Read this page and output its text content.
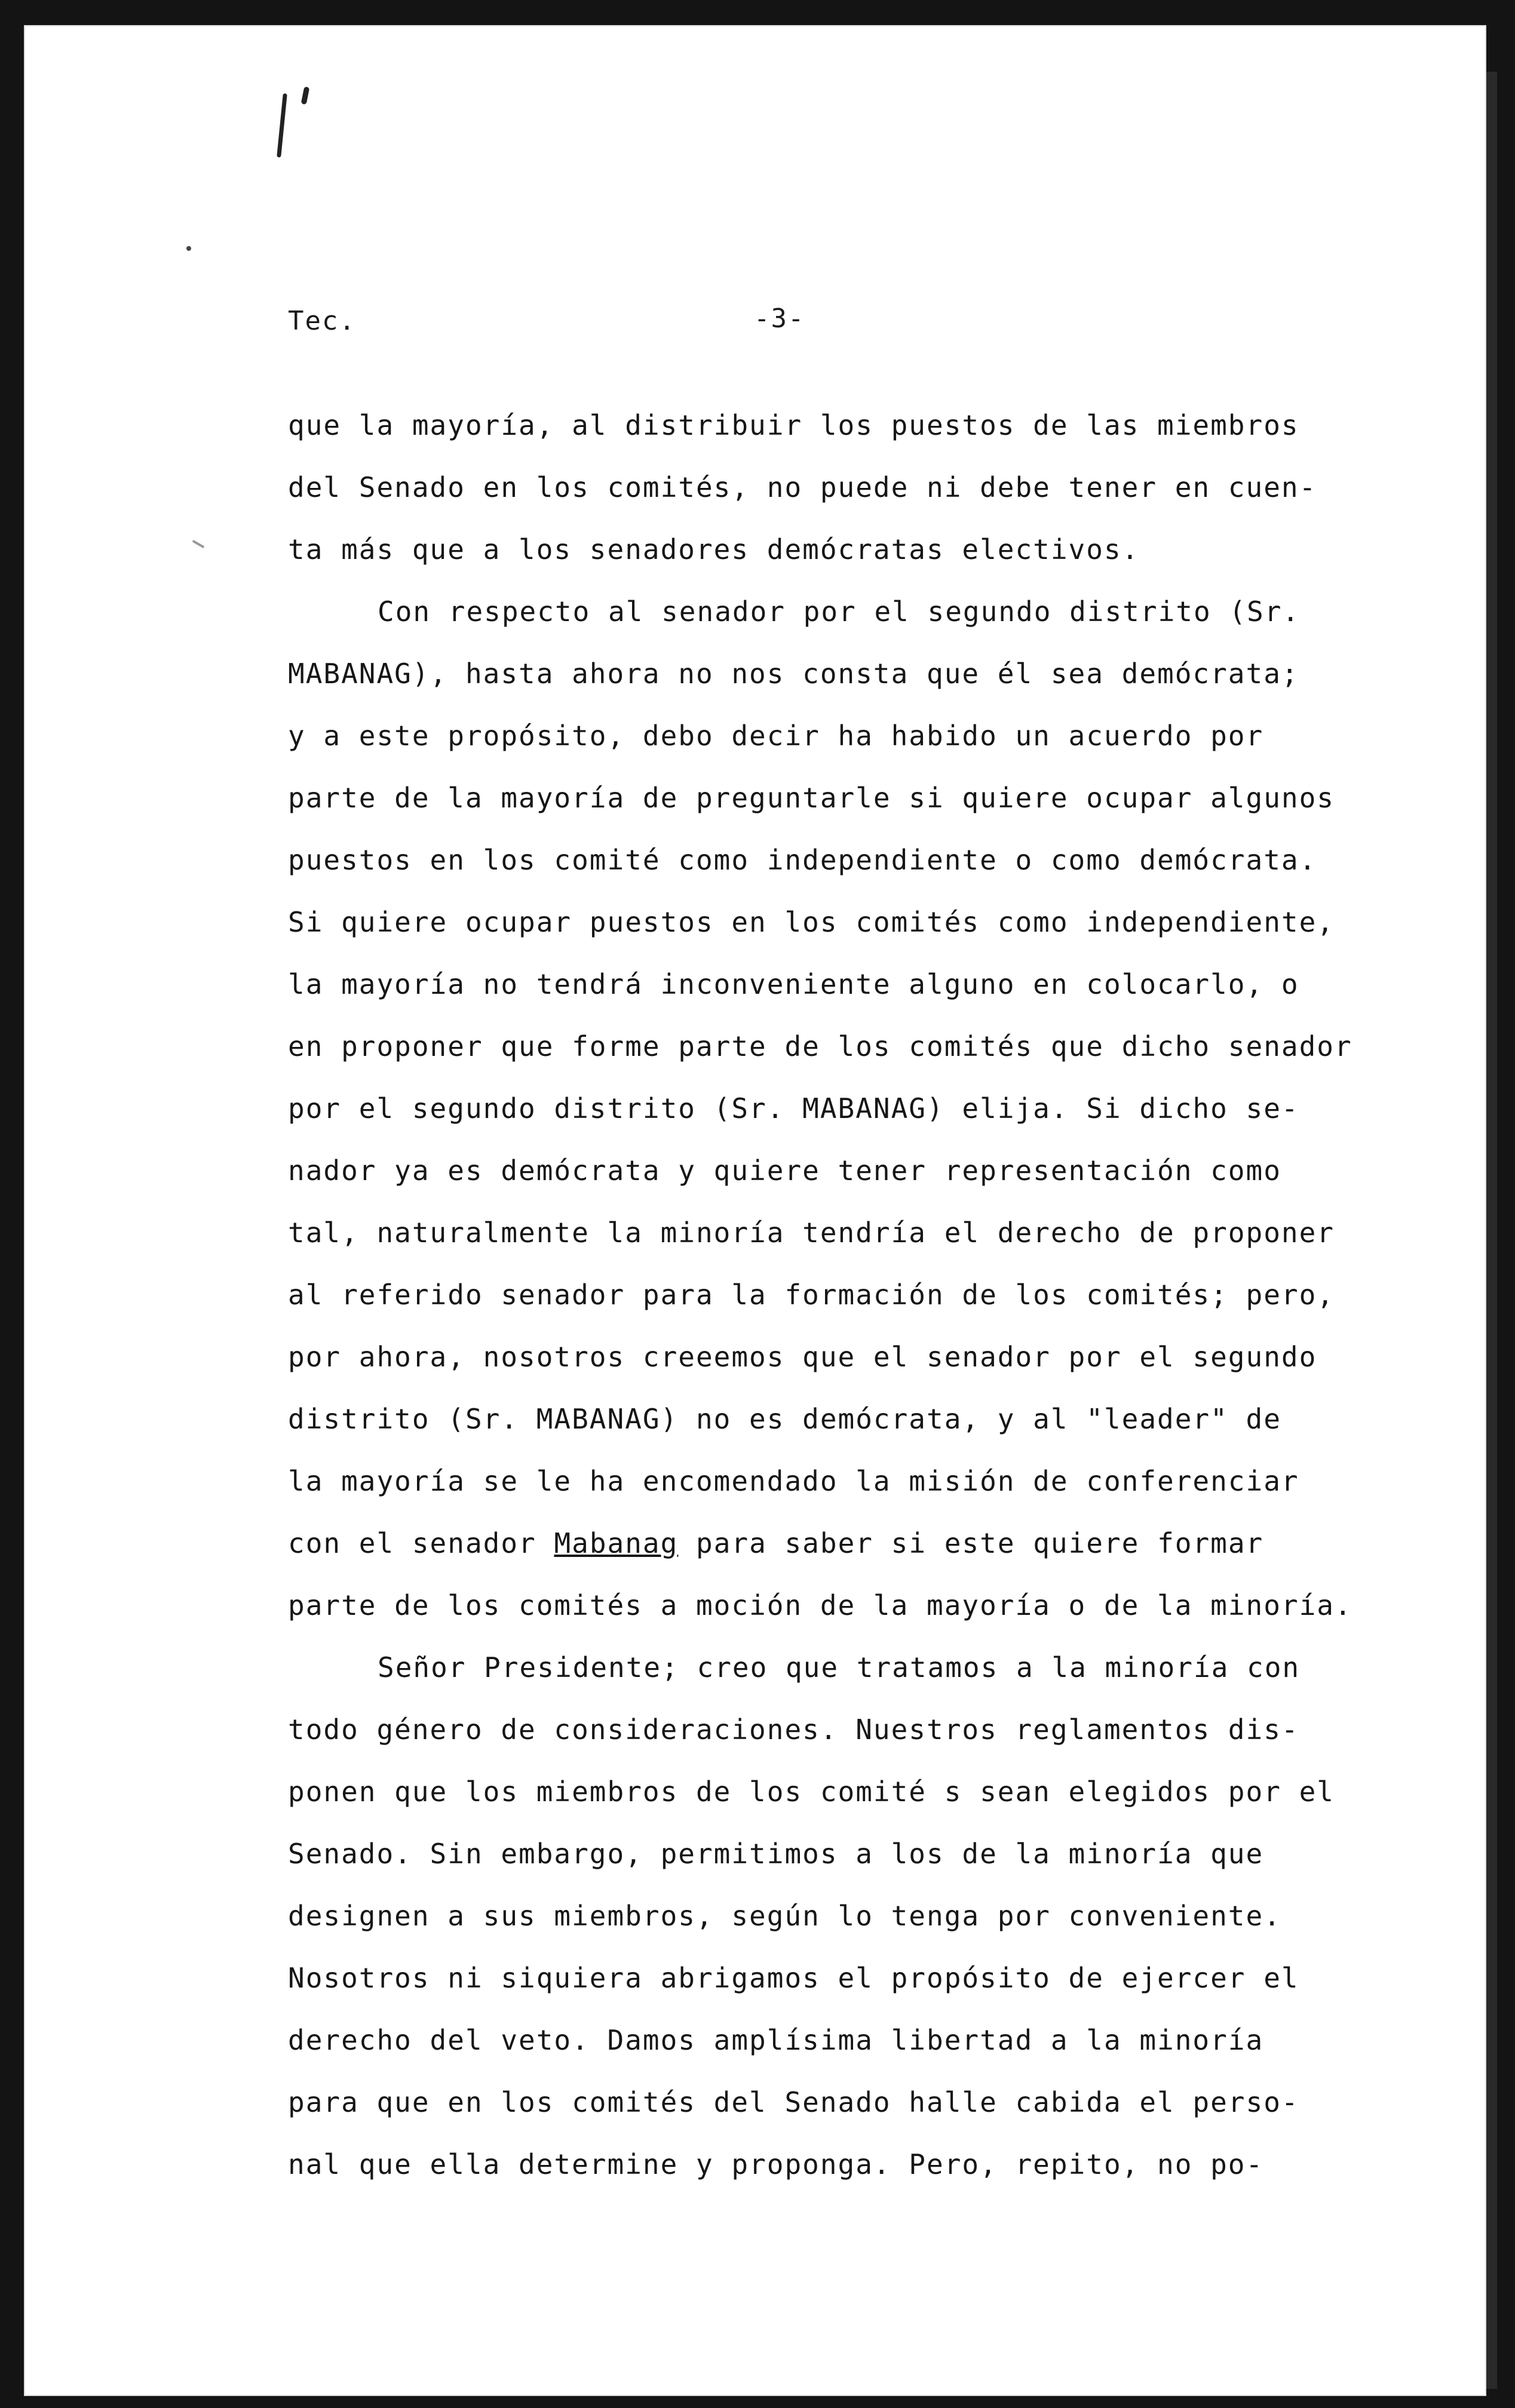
Tec.	-3-
que la mayoría, al distribuir los puestos de las miembros
del Senado en los comités, no puede ni debe tener en cuen-
ta más que a los senadores demócratas electivos.
Con respecto al senador por el segundo distrito (Sr.
MABANAG), hasta ahora no nos consta que él sea demócrata;
y a este propósito, debo decir ha habido un acuerdo por
parte de la mayoría de preguntarle si quiere ocupar algunos
puestos en los comité como independiente o como demócrata.
Si quiere ocupar puestos en los comités como independiente,
la mayoría no tendrá inconveniente alguno en colocarlo, o
en proponer que forme parte de los comités que dicho senador
por el segundo distrito (Sr. MABANAG) elija. Si dicho se-
nador ya es demócrata y quiere tener representación como
tal, naturalmente la minoría tendría el derecho de proponer
al referido senador para la formación de los comités; pero,
por ahora, nosotros creeemos que el senador por el segundo
distrito (Sr. MABANAG) no es demócrata, y al "leader" de
la mayoría se le ha encomendado la misión de conferenciar
con el senador Mabanag para saber si este quiere formar
parte de los comités a moción de la mayoría o de la minoría.
Señor Presidente; creo que tratamos a la minoría con
todo género de consideraciones. Nuestros reglamentos dis-
ponen que los miembros de los comité s sean elegidos por el
Senado. Sin embargo, permitimos a los de la minoría que
designen a sus miembros, según lo tenga por conveniente.
Nosotros ni siquiera abrigamos el propósito de ejercer el
derecho del veto. Damos amplísima libertad a la minoría
para que en los comités del Senado halle cabida el perso-
nal que ella determine y proponga. Pero, repito, no po-
